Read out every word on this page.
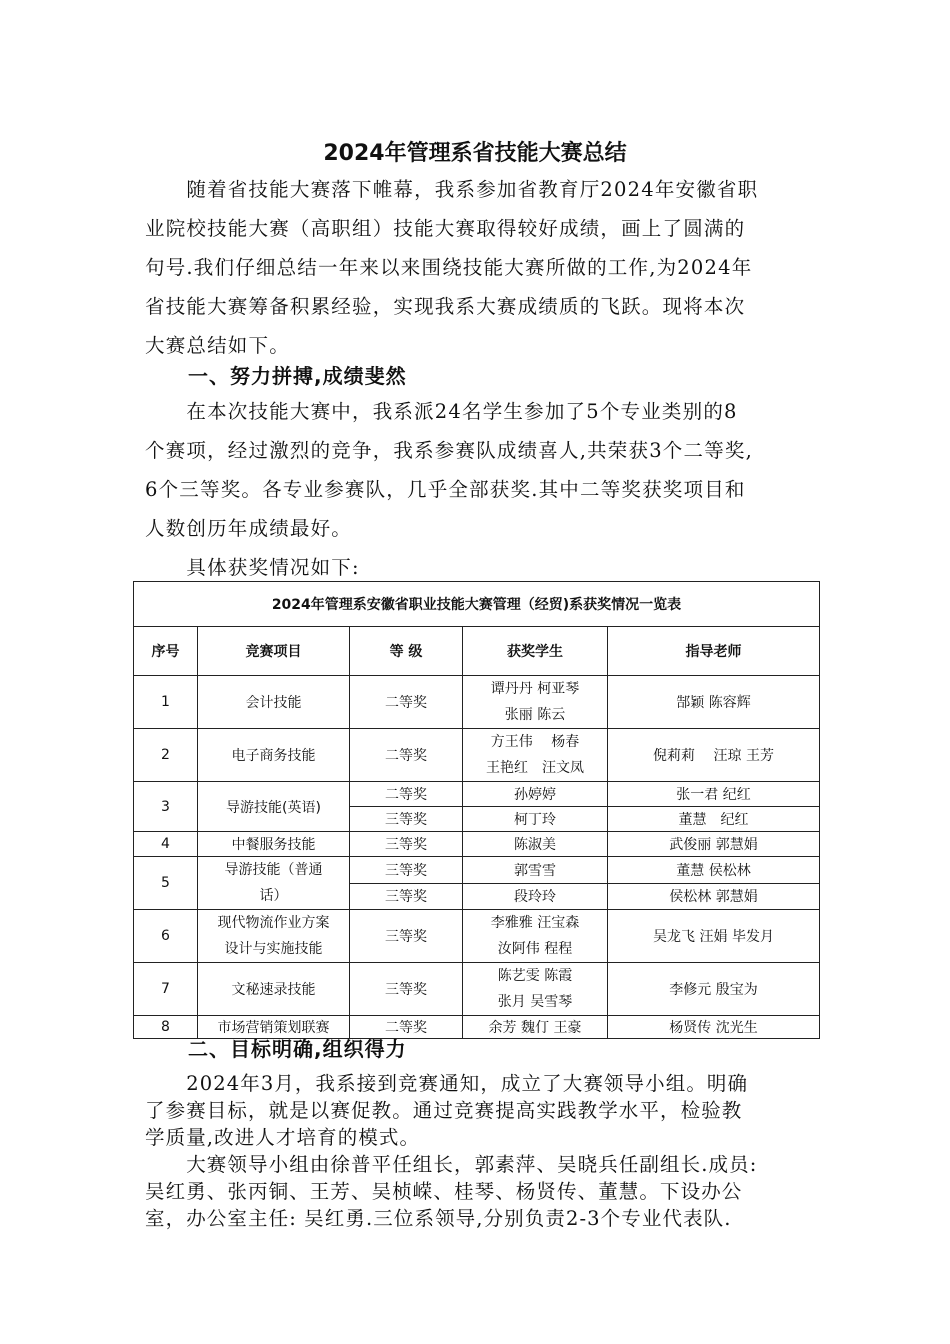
2024年管理系省技能大赛总结
　　随着省技能大赛落下帷幕，我系参加省教育厅2024年安徽省职
业院校技能大赛（高职组）技能大赛取得较好成绩，画上了圆满的
句号.我们仔细总结一年来以来围绕技能大赛所做的工作,为2024年
省技能大赛筹备积累经验，实现我系大赛成绩质的飞跃。现将本次
大赛总结如下。
一、努力拼搏,成绩斐然
　　在本次技能大赛中，我系派24名学生参加了5个专业类别的8
个赛项，经过激烈的竞争，我系参赛队成绩喜人,共荣获3个二等奖,
6个三等奖。各专业参赛队，几乎全部获奖.其中二等奖获奖项目和
人数创历年成绩最好。
　　具体获奖情况如下:
2024年管理系安徽省职业技能大赛管理（经贸)系获奖情况一览表				
序号	竞赛项目	等 级	获奖学生	指导老师
1	会计技能	二等奖	谭丹丹 柯亚琴
张丽 陈云	郜颖 陈容辉
2	电子商务技能	二等奖	方王伟　 杨春
王艳红　汪文凤	倪莉莉　 汪琼 王芳
3	导游技能(英语)	二等奖	孙婷婷	张一君 纪红
		三等奖	柯丁玲	董慧　纪红
4	中餐服务技能	三等奖	陈淑美	武俊丽 郭慧娟
5	导游技能（普通
话）	三等奖	郭雪雪	董慧 侯松林
		三等奖	段玲玲	侯松林 郭慧娟
6	现代物流作业方案
设计与实施技能	三等奖	李雅雅 汪宝森
汝阿伟 程程	吴龙飞 汪娟 毕发月
7	文秘速录技能	三等奖	陈艺雯 陈霞
张月 吴雪琴	李修元 殷宝为
8	市场营销策划联赛	二等奖	余芳 魏仃 王豪	杨贤传 沈光生
二、目标明确,组织得力
　　2024年3月，我系接到竞赛通知，成立了大赛领导小组。明确
了参赛目标，就是以赛促教。通过竞赛提高实践教学水平，检验教
学质量,改进人才培育的模式。
　　大赛领导小组由徐普平任组长，郭素萍、吴晓兵任副组长.成员:
吴红勇、张丙铜、王芳、吴桢嵘、桂琴、杨贤传、董慧。下设办公
室，办公室主任: 吴红勇.三位系领导,分别负责2-3个专业代表队.
